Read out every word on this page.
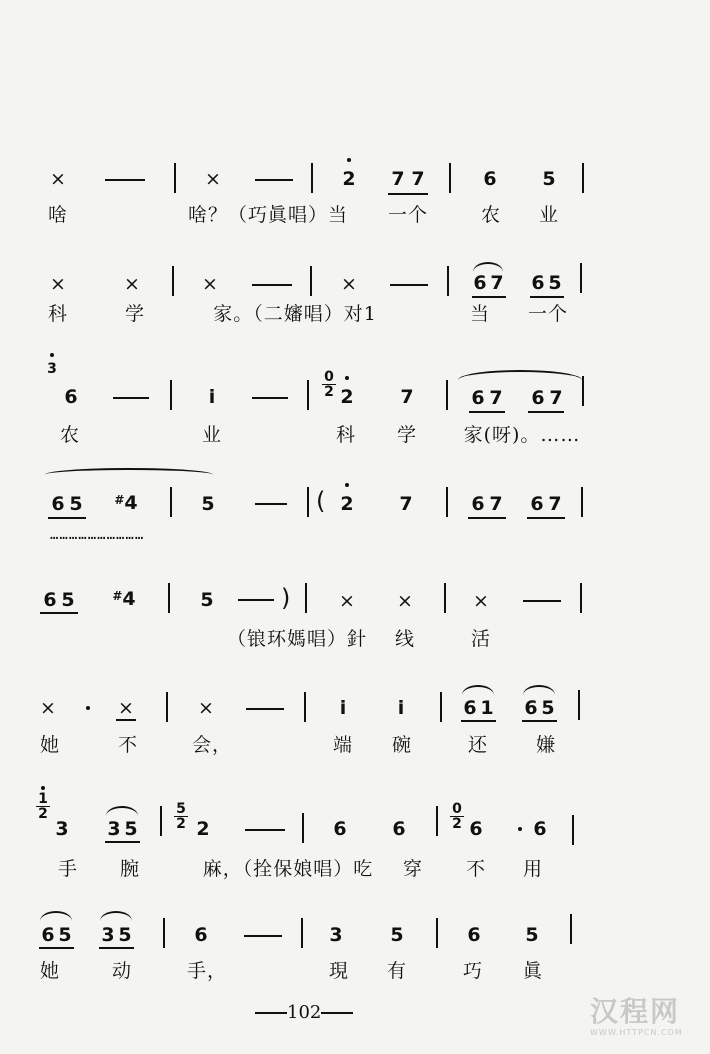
×	×	2 7 7	6 5
啥	啥？（巧眞唱）当 一个	农 业
×	×	×	×	6 7 6 5
科	学	家。（二嬸唱）对1	当 一个
3
6	i	$\frac{0}{2} 2$ 7	6 7 6 7
农	业	科 学 家(呀)。……
6 5	#4	5	( 2 7	6 7 6 7
…………………………
6 5	#4	5	)	× ×	×
（锒环媽唱）針 线	活
×	×	×	i	i	6 1 6 5
她	不	会，	端 碗	还	嫌
$\frac{1}{2}$
3 3 5	$\frac{5}{2} 2$	6 6	$\frac{0}{2} 6$	6
手 腕	麻，（拴保娘唱）吃 穿 不 用
6 5 3 5	6	3	5	6 5
她	动	手，	現 有	巧 眞
102	汉程网
WWW.HTTPCN.COM
